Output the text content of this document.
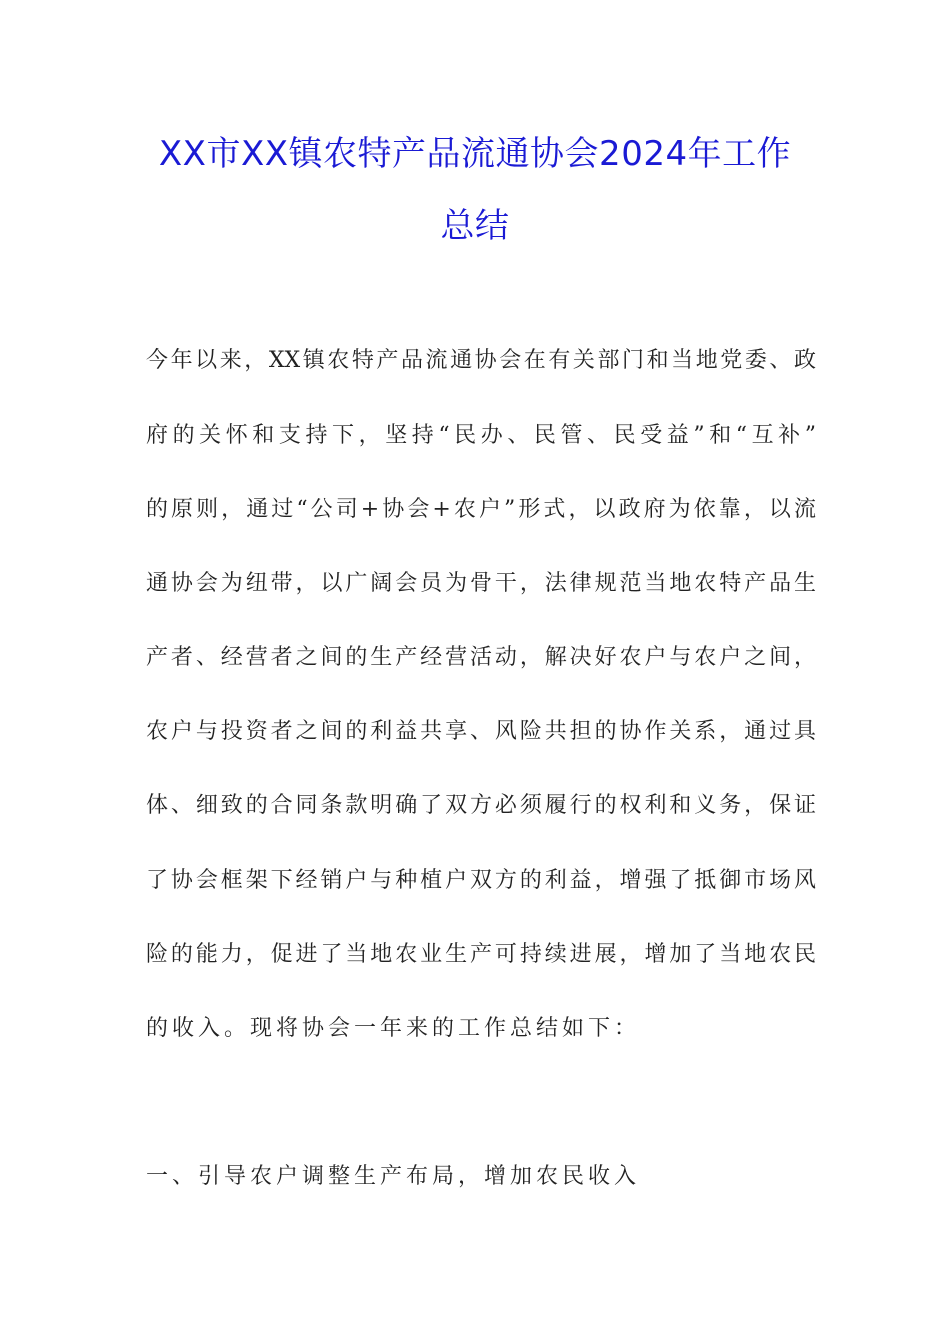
XX市XX镇农特产品流通协会2024年工作
总结
今年以来，XX镇农特产品流通协会在有关部门和当地党委、政
府的关怀和支持下，坚持“民办、民管、民受益”和“互补”
的原则，通过“公司+协会+农户”形式，以政府为依靠，以流
通协会为纽带，以广阔会员为骨干，法律规范当地农特产品生
产者、经营者之间的生产经营活动，解决好农户与农户之间，
农户与投资者之间的利益共享、风险共担的协作关系，通过具
体、细致的合同条款明确了双方必须履行的权利和义务，保证
了协会框架下经销户与种植户双方的利益，增强了抵御市场风
险的能力，促进了当地农业生产可持续进展，增加了当地农民
的收入。现将协会一年来的工作总结如下：
一、引导农户调整生产布局，增加农民收入
